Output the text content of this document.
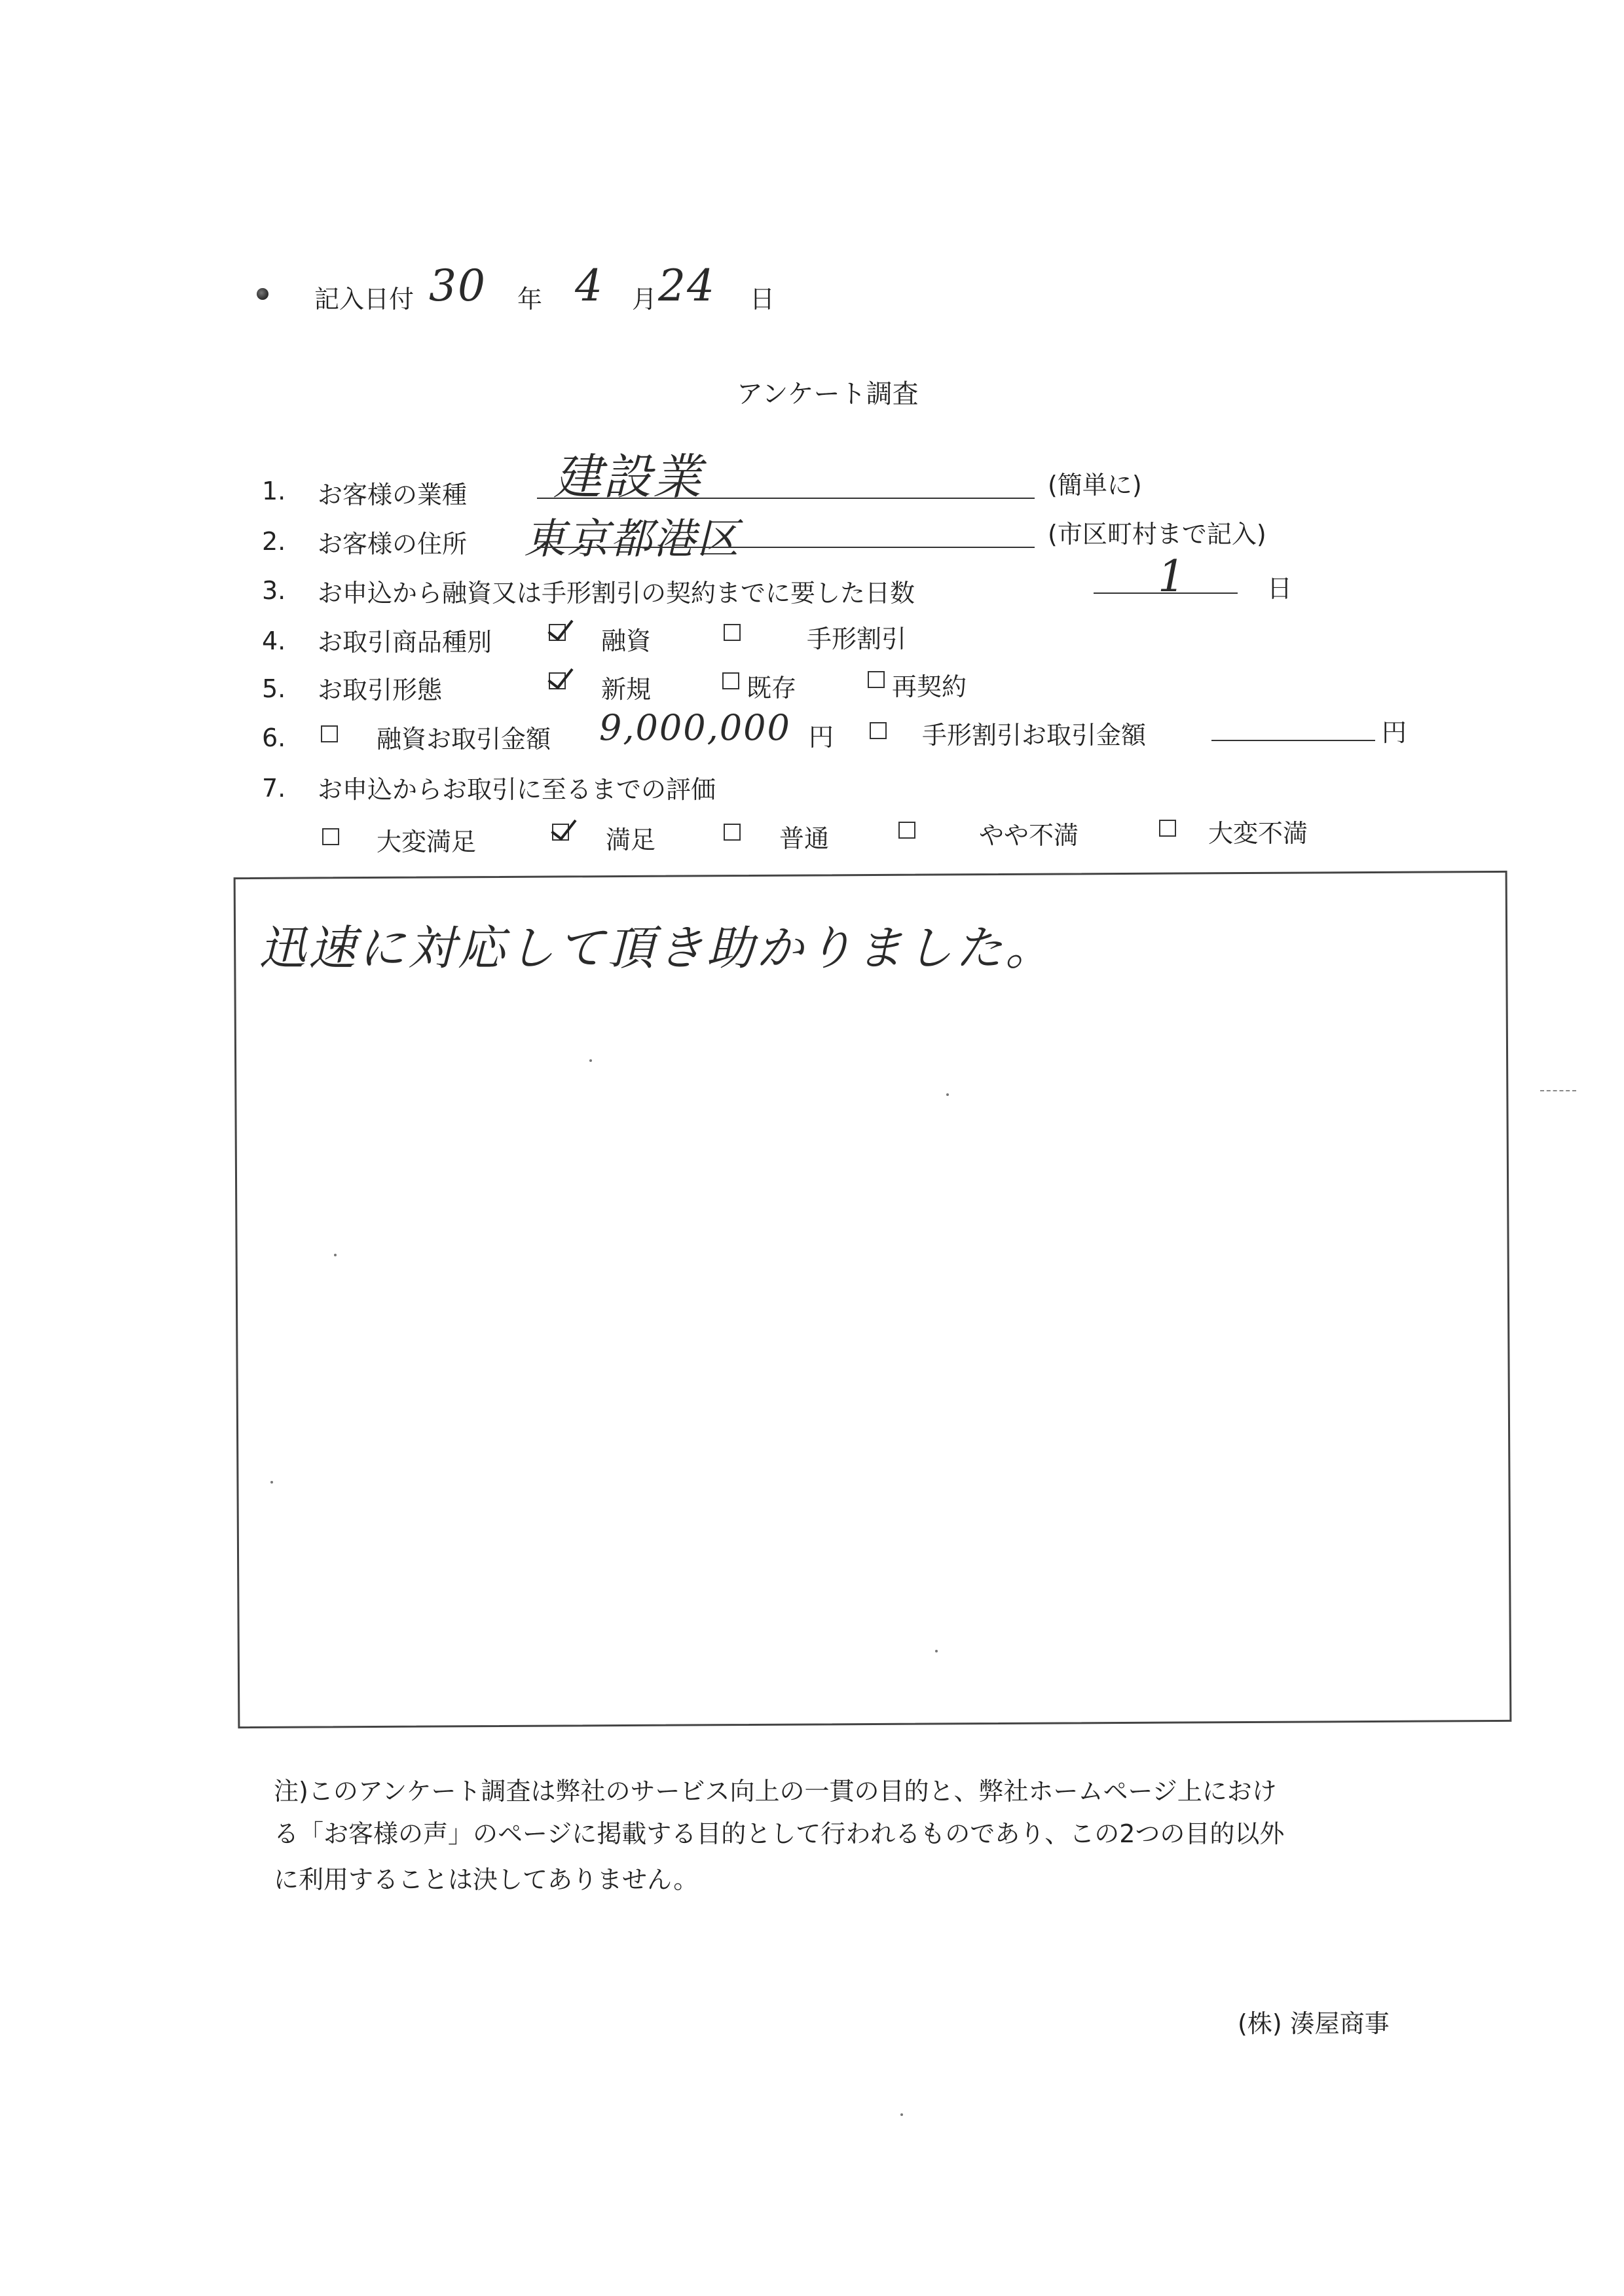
記入日付 30 年 4 月 24 日
アンケート調査
1. お客様の業種 建設業	(簡単に)
2. お客様の住所 東京都港区	(市区町村まで記入)
3. お申込から融資又は手形割引の契約までに要した日数	1	日
4. お取引商品種別	融資	手形割引
5. お取引形態	新規	既存	再契約
6.	融資お取引金額 9,000,000 円	手形割引お取引金額	円
7. お申込からお取引に至るまでの評価
大変満足	満足	普通	やや不満	大変不満
迅速に対応して頂き助かりました。
注)このアンケート調査は弊社のサービス向上の一貫の目的と、弊社ホームページ上におけ
る「お客様の声」のページに掲載する目的として行われるものであり、この2つの目的以外
に利用することは決してありません。
(株) 湊屋商事
